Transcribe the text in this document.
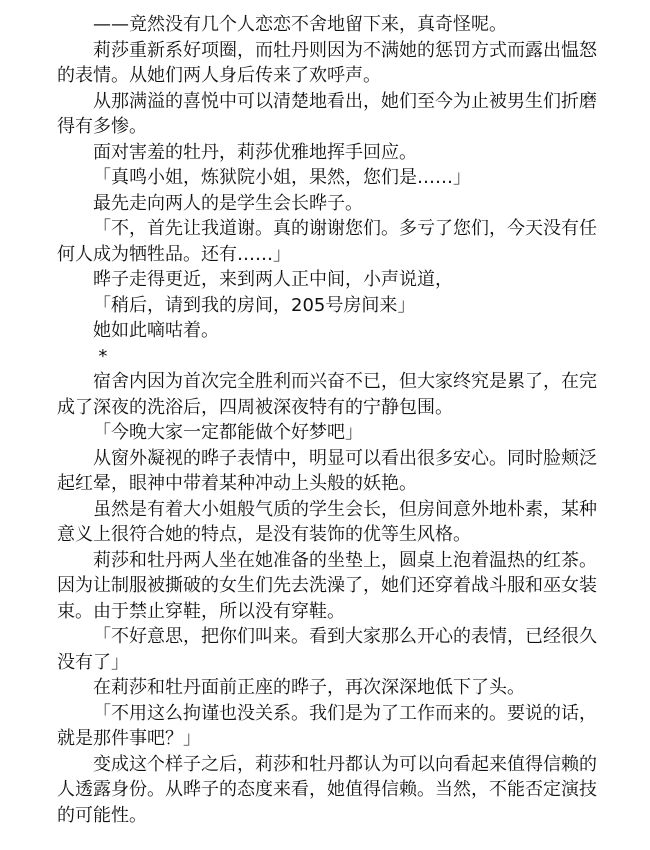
——竟然没有几个人恋恋不舍地留下来，真奇怪呢。

莉莎重新系好项圈，而牡丹则因为不满她的惩罚方式而露出愠怒的表情。从她们两人身后传来了欢呼声。

从那满溢的喜悦中可以清楚地看出，她们至今为止被男生们折磨得有多惨。

面对害羞的牡丹，莉莎优雅地挥手回应。

「真鸣小姐，炼狱院小姐，果然，您们是……」

最先走向两人的是学生会长晔子。

「不，首先让我道谢。真的谢谢您们。多亏了您们，今天没有任何人成为牺牲品。还有……」

晔子走得更近，来到两人正中间，小声说道，

「稍后，请到我的房间，205号房间来」

她如此嘀咕着。

*

宿舍内因为首次完全胜利而兴奋不已，但大家终究是累了，在完成了深夜的洗浴后，四周被深夜特有的宁静包围。

「今晚大家一定都能做个好梦吧」

从窗外凝视的晔子表情中，明显可以看出很多安心。同时脸颊泛起红晕，眼神中带着某种冲动上头般的妖艳。

虽然是有着大小姐般气质的学生会长，但房间意外地朴素，某种意义上很符合她的特点，是没有装饰的优等生风格。

莉莎和牡丹两人坐在她准备的坐垫上，圆桌上泡着温热的红茶。因为让制服被撕破的女生们先去洗澡了，她们还穿着战斗服和巫女装束。由于禁止穿鞋，所以没有穿鞋。

「不好意思，把你们叫来。看到大家那么开心的表情，已经很久没有了」

在莉莎和牡丹面前正座的晔子，再次深深地低下了头。

「不用这么拘谨也没关系。我们是为了工作而来的。要说的话，就是那件事吧？」

变成这个样子之后，莉莎和牡丹都认为可以向看起来值得信赖的人透露身份。从晔子的态度来看，她值得信赖。当然，不能否定演技的可能性。
